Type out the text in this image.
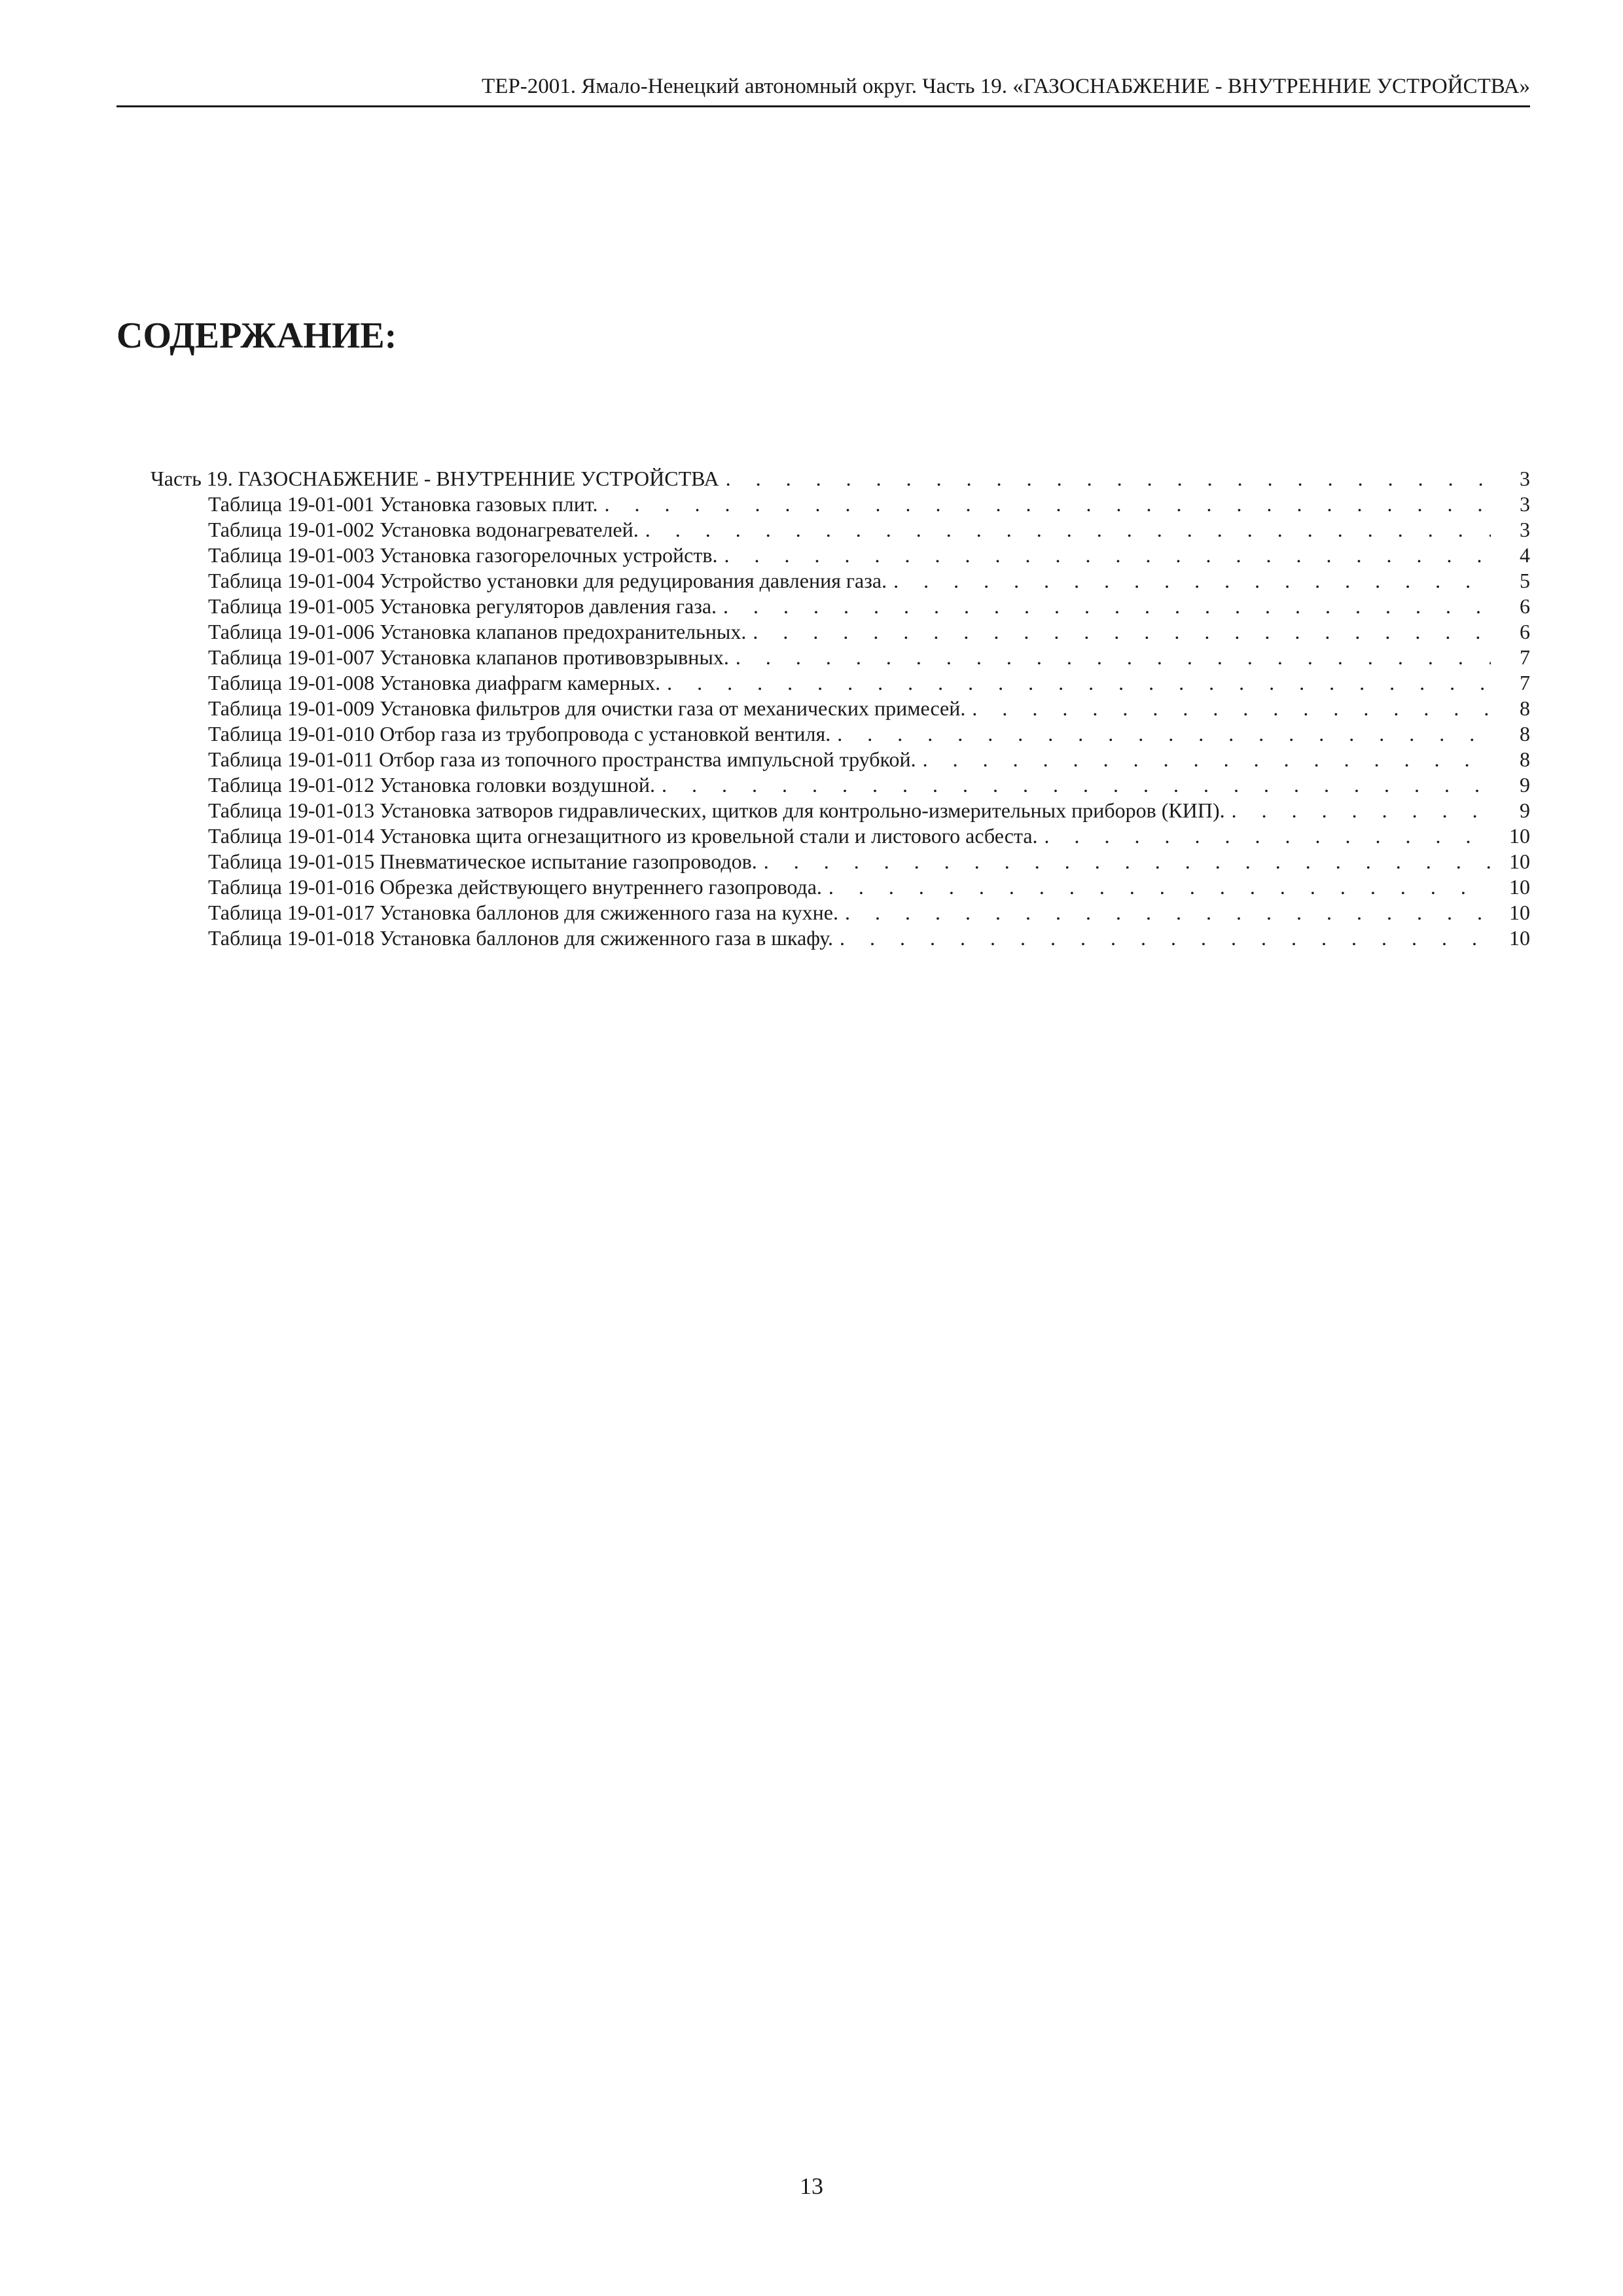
ТЕР-2001. Ямало-Ненецкий автономный округ. Часть 19. «ГАЗОСНАБЖЕНИЕ - ВНУТРЕННИЕ УСТРОЙСТВА»
СОДЕРЖАНИЕ:
Часть 19. ГАЗОСНАБЖЕНИЕ - ВНУТРЕННИЕ УСТРОЙСТВА . . .	3
Таблица 19-01-001 Установка газовых плит. . . .	3
Таблица 19-01-002 Установка водонагревателей. . . .	3
Таблица 19-01-003 Установка газогорелочных устройств. . . .	4
Таблица 19-01-004 Устройство установки для редуцирования давления газа. . . .	5
Таблица 19-01-005 Установка регуляторов давления газа. . . .	6
Таблица 19-01-006 Установка клапанов предохранительных. . . .	6
Таблица 19-01-007 Установка клапанов противовзрывных. . . .	7
Таблица 19-01-008 Установка диафрагм камерных. . . .	7
Таблица 19-01-009 Установка фильтров для очистки газа от механических примесей. . . .	8
Таблица 19-01-010 Отбор газа из трубопровода с установкой вентиля. . . .	8
Таблица 19-01-011 Отбор газа из топочного пространства импульсной трубкой. . . .	8
Таблица 19-01-012 Установка головки воздушной. . . .	9
Таблица 19-01-013 Установка затворов гидравлических, щитков для контрольно-измерительных приборов (КИП). . . .	9
Таблица 19-01-014 Установка щита огнезащитного из кровельной стали и листового асбеста. . . .	10
Таблица 19-01-015 Пневматическое испытание газопроводов. . . .	10
Таблица 19-01-016 Обрезка действующего внутреннего газопровода. . . .	10
Таблица 19-01-017 Установка баллонов для сжиженного газа на кухне. . . .	10
Таблица 19-01-018 Установка баллонов для сжиженного газа в шкафу. . . .	10
13
